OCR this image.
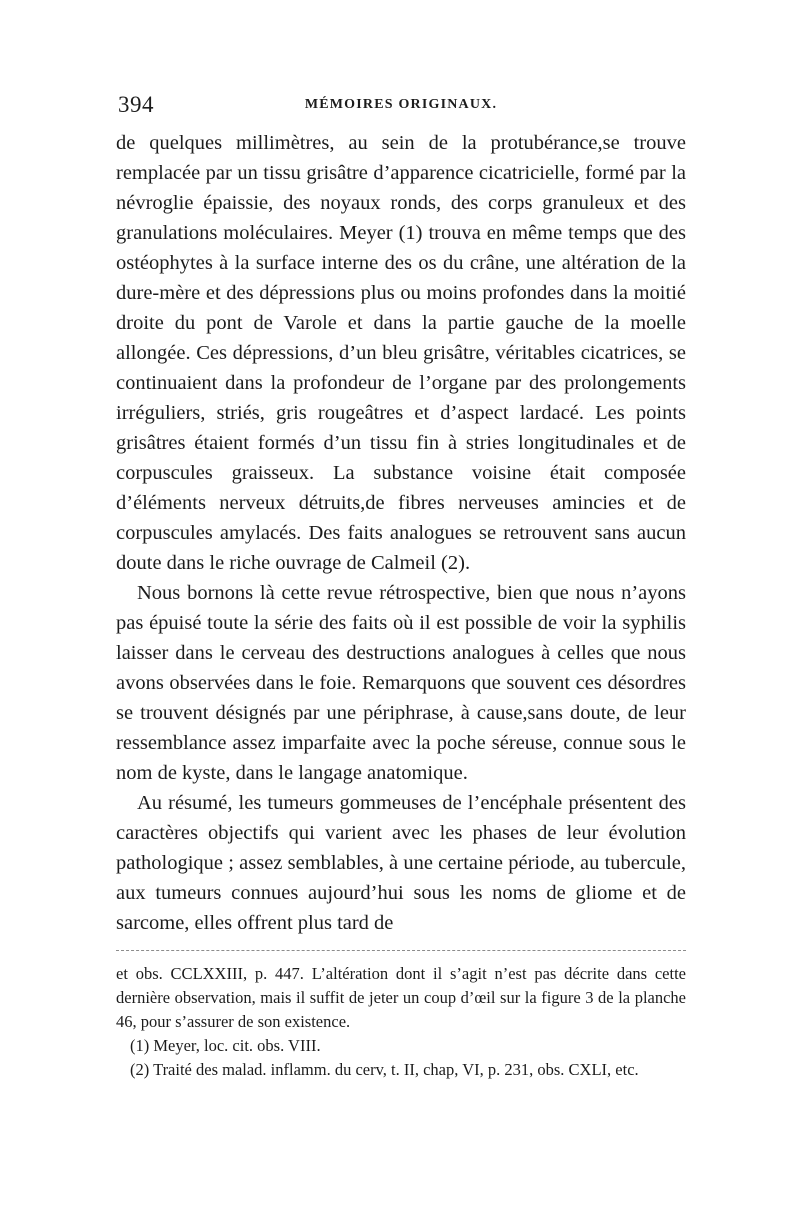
394	MÉMOIRES ORIGINAUX.

de quelques millimètres, au sein de la protubérance,se trouve remplacée par un tissu grisâtre d’apparence cicatricielle, formé par la névroglie épaissie, des noyaux ronds, des corps granuleux et des granulations moléculaires. Meyer (1) trouva en même temps que des ostéophytes à la surface interne des os du crâne, une altération de la dure-mère et des dépressions plus ou moins profondes dans la moitié droite du pont de Varole et dans la partie gauche de la moelle allongée. Ces dépressions, d’un bleu grisâtre, véritables cicatrices, se continuaient dans la profondeur de l’organe par des prolongements irréguliers, striés, gris rougeâtres et d’aspect lardacé. Les points grisâtres étaient formés d’un tissu fin à stries longitudinales et de corpuscules graisseux. La substance voisine était composée d’éléments nerveux détruits,de fibres nerveuses amincies et de corpuscules amylacés. Des faits analogues se retrouvent sans aucun doute dans le riche ouvrage de Calmeil (2).

Nous bornons là cette revue rétrospective, bien que nous n’ayons pas épuisé toute la série des faits où il est possible de voir la syphilis laisser dans le cerveau des destructions analogues à celles que nous avons observées dans le foie. Remarquons que souvent ces désordres se trouvent désignés par une périphrase, à cause,sans doute, de leur ressemblance assez imparfaite avec la poche séreuse, connue sous le nom de kyste, dans le langage anatomique.

Au résumé, les tumeurs gommeuses de l’encéphale présentent des caractères objectifs qui varient avec les phases de leur évolution pathologique ; assez semblables, à une certaine période, au tubercule, aux tumeurs connues aujourd’hui sous les noms de gliome et de sarcome, elles offrent plus tard de

et obs. CCLXXIII, p. 447. L’altération dont il s’agit n’est pas décrite dans cette dernière observation, mais il suffit de jeter un coup d’œil sur la figure 3 de la planche 46, pour s’assurer de son existence.

(1) Meyer, loc. cit. obs. VIII.

(2) Traité des malad. inflamm. du cerv, t. II, chap, VI, p. 231, obs. CXLI, etc.
